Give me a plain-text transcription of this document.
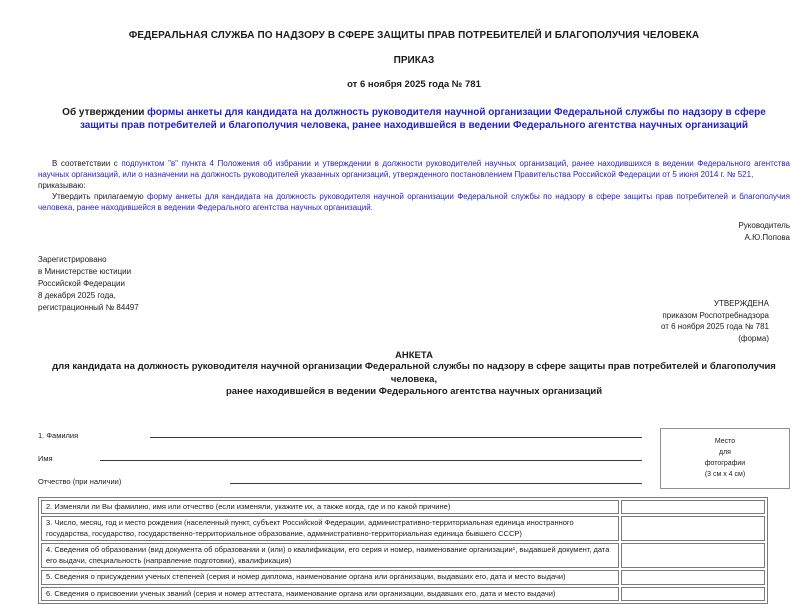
ФЕДЕРАЛЬНАЯ СЛУЖБА ПО НАДЗОРУ В СФЕРЕ ЗАЩИТЫ ПРАВ ПОТРЕБИТЕЛЕЙ И БЛАГОПОЛУЧИЯ ЧЕЛОВЕКА
ПРИКАЗ
от 6 ноября 2025 года № 781
Об утверждении формы анкеты для кандидата на должность руководителя научной организации Федеральной службы по надзору в сфере защиты прав потребителей и благополучия человека, ранее находившейся в ведении Федерального агентства научных организаций
В соответствии с подпунктом "в" пункта 4 Положения об избрании и утверждении в должности руководителей научных организаций, ранее находившихся в ведении Федерального агентства научных организаций, или о назначении на должность руководителей указанных организаций, утвержденного постановлением Правительства Российской Федерации от 5 июня 2014 г. № 521,
приказываю:
Утвердить прилагаемую форму анкеты для кандидата на должность руководителя научной организации Федеральной службы по надзору в сфере защиты прав потребителей и благополучия человека, ранее находившейся в ведении Федерального агентства научных организаций.
Руководитель
А.Ю.Попова
Зарегистрировано
в Министерстве юстиции
Российской Федерации
8 декабря 2025 года,
регистрационный № 84497	УТВЕРЖДЕНА
приказом Роспотребнадзора
от 6 ноября 2025 года № 781
(форма)
АНКЕТА
для кандидата на должность руководителя научной организации Федеральной службы по надзору в сфере защиты прав потребителей и благополучия человека,
ранее находившейся в ведении Федерального агентства научных организаций
1. Фамилия
Имя
Отчество (при наличии)
Место
для
фотографии
(3 см x 4 см)
2. Изменяли ли Вы фамилию, имя или отчество (если изменяли, укажите их, а также когда, где и по какой причине)	
3. Число, месяц, год и место рождения (населенный пункт, субъект Российской Федерации, административно-территориальная единица иностранного государства, государство, государственно-территориальное образование, административно-территориальная единица бывшего СССР)	
4. Сведения об образовании (вид документа об образовании и (или) о квалификации, его серия и номер, наименование организации¹, выдавшей документ, дата его выдачи, специальность (направление подготовки), квалификация)	
5. Сведения о присуждении ученых степеней (серия и номер диплома, наименование органа или организации, выдавших его, дата и место выдачи)	
6. Сведения о присвоении ученых званий (серия и номер аттестата, наименование органа или организации, выдавших его, дата и место выдачи)	
